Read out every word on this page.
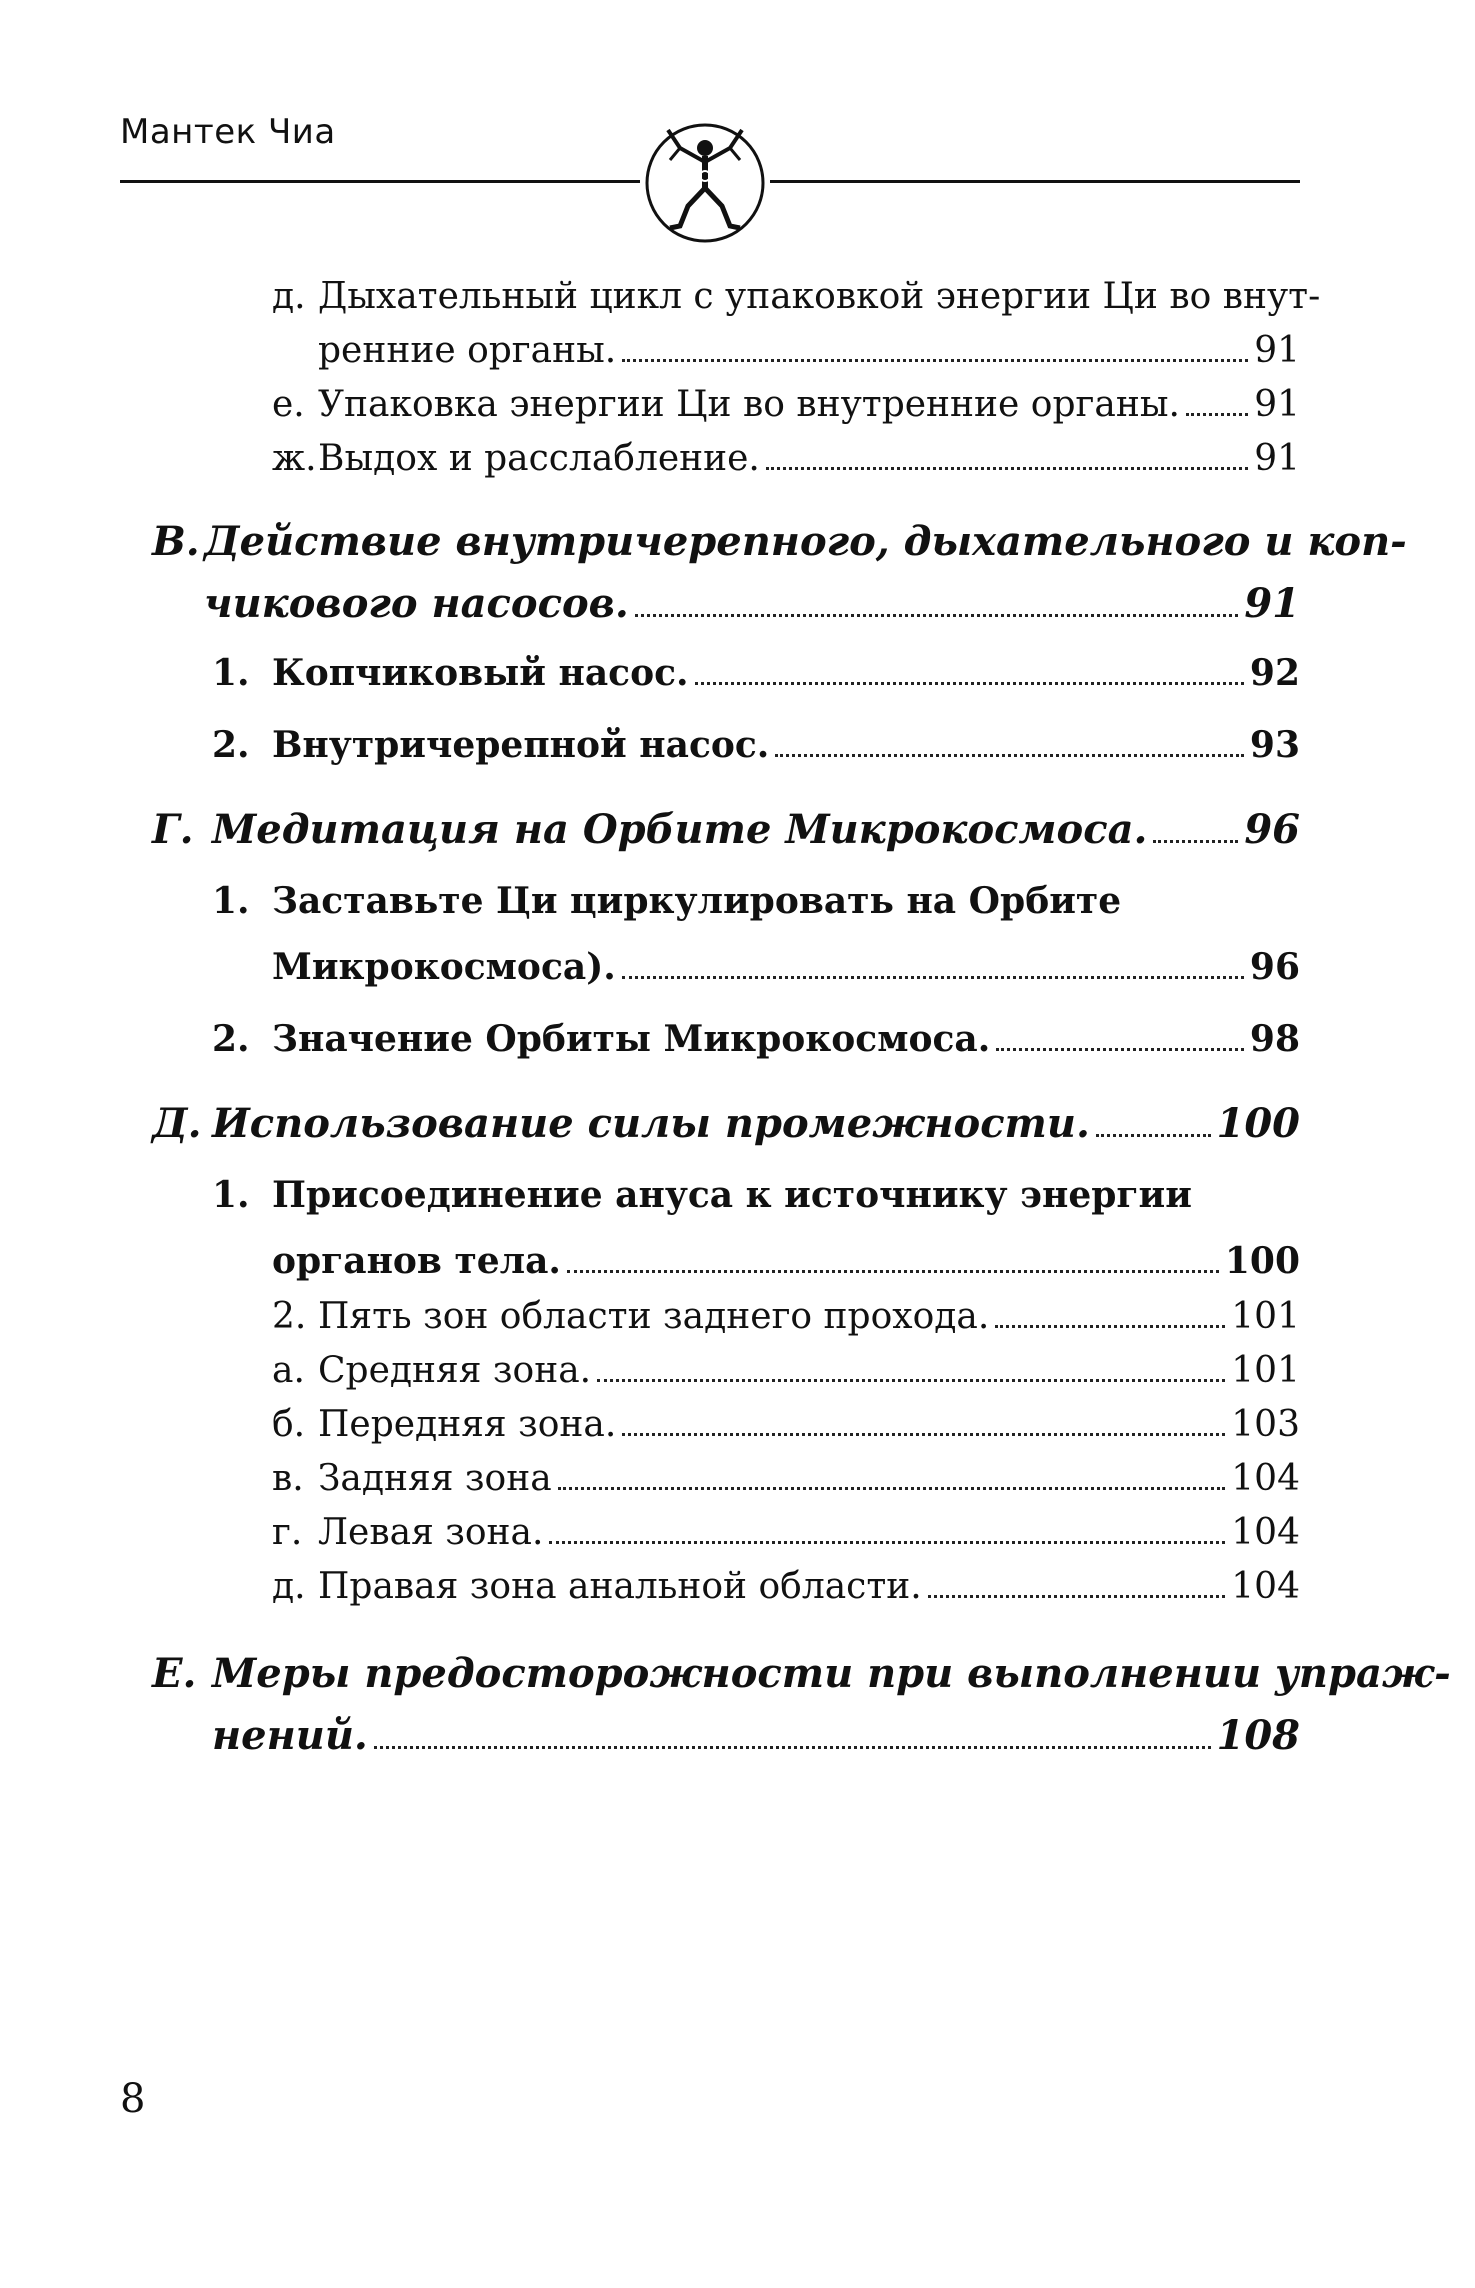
Мантек Чиа
д. Дыхательный цикл с упаковкой энергии Ци во внут-
ренние органы.	91
е. Упаковка энергии Ци во внутренние органы. 91
ж. Выдох и расслабление.	91
В. Действие внутричерепного, дыхательного и коп-
чикового насосов.	91
1. Копчиковый насос.	92
2. Внутричерепной насос.	93
Г. Медитация на Орбите Микрокосмоса. 96
1. Заставьте Ци циркулировать на Орбите
Микрокосмоса).	96
2. Значение Орбиты Микрокосмоса.	98
Д. Использование силы промежности.	100
1. Присоединение ануса к источнику энергии
органов тела.	100
2. Пять зон области заднего прохода.	101
а. Средняя зона.	101
б. Передняя зона.	103
в. Задняя зона	104
г. Левая зона.	104
д. Правая зона анальной области.	104
Е. Меры предосторожности при выполнении упраж-
нений.	108
8
